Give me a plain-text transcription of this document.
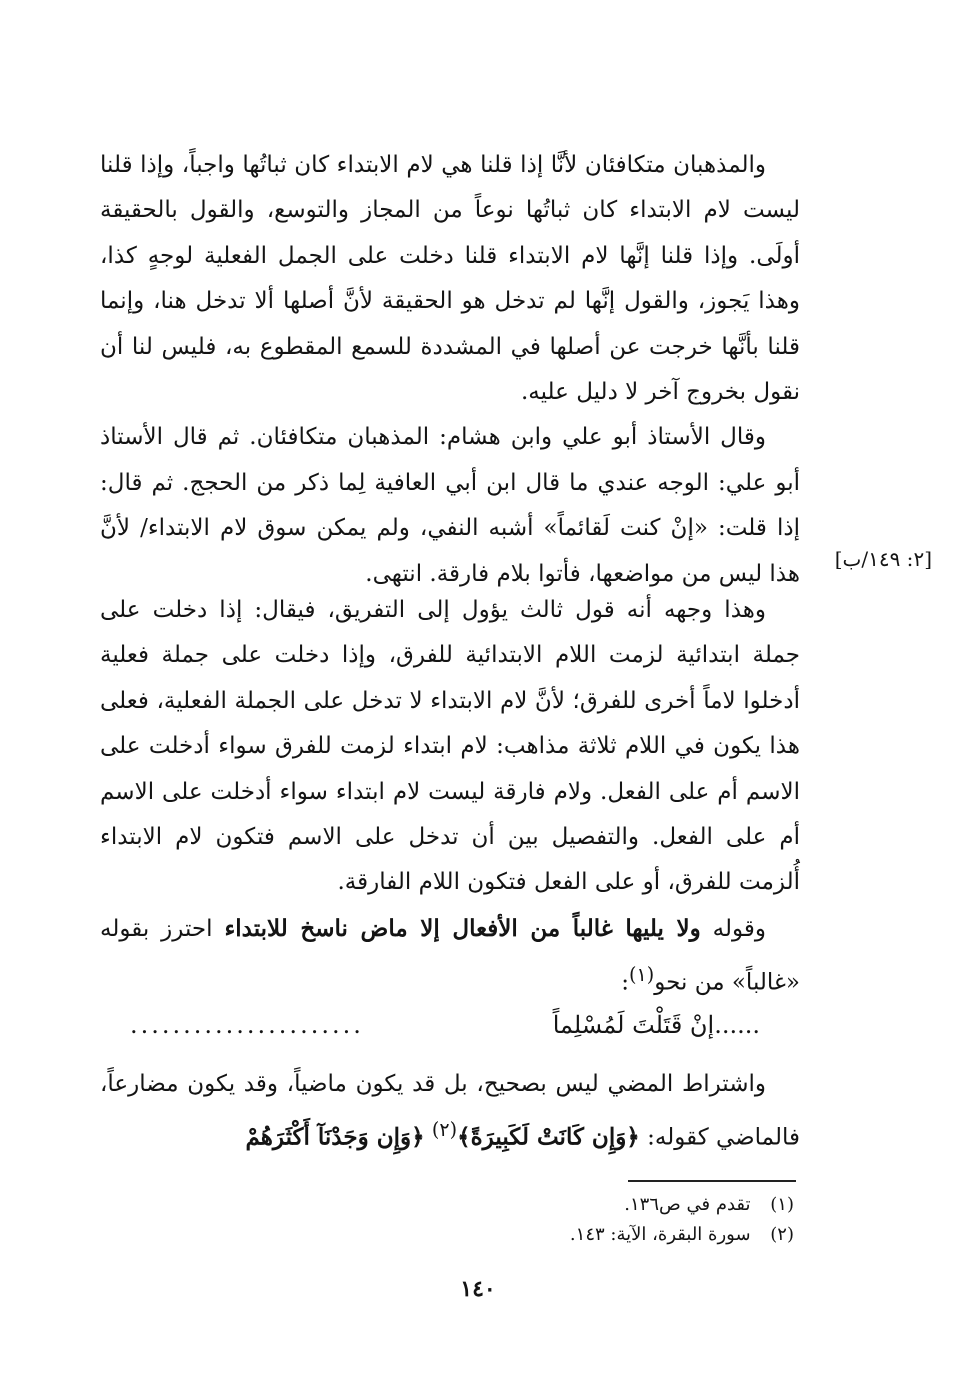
والمذهبان متكافئان لأنَّا إذا قلنا هي لام الابتداء كان ثباتُها واجباً، وإذا قلنا ليست لام الابتداء كان ثباتُها نوعاً من المجاز والتوسع، والقول بالحقيقة أولَى. وإذا قلنا إنَّها لام الابتداء قلنا دخلت على الجمل الفعلية لوجهٍ كذا، وهذا يَجوز، والقول إنَّها لم تدخل هو الحقيقة لأنَّ أصلها ألا تدخل هنا، وإنما قلنا بأنَّها خرجت عن أصلها في المشددة للسمع المقطوع به، فليس لنا أن نقول بخروج آخر لا دليل عليه.

وقال الأستاذ أبو علي وابن هشام: المذهبان متكافئان. ثم قال الأستاذ أبو علي: الوجه عندي ما قال ابن أبي العافية لِما ذكر من الحجج. ثم قال: إذا قلت: «إنْ كنت لَقائماً» أشبه النفي، ولم يمكن سوق لام الابتداء/ لأنَّ هذا ليس من مواضعها، فأتوا بلام فارقة. انتهى.

[٢: ١٤٩/ب]

وهذا وجهه أنه قول ثالث يؤول إلى التفريق، فيقال: إذا دخلت على جملة ابتدائية لزمت اللام الابتدائية للفرق، وإذا دخلت على جملة فعلية أدخلوا لاماً أخرى للفرق؛ لأنَّ لام الابتداء لا تدخل على الجملة الفعلية، فعلى هذا يكون في اللام ثلاثة مذاهب: لام ابتداء لزمت للفرق سواء أدخلت على الاسم أم على الفعل. ولام فارقة ليست لام ابتداء سواء أدخلت على الاسم أم على الفعل. والتفصيل بين أن تدخل على الاسم فتكون لام الابتداء أُلزمت للفرق، أو على الفعل فتكون اللام الفارقة.

وقوله ولا يليها غالباً من الأفعال إلا ماض ناسخ للابتداء احترز بقوله «غالباً» من نحو$^{(١)}$:

......إنْ قَتَلْتَ لَمُسْلِماً
......................

واشتراط المضي ليس بصحيح، بل قد يكون ماضياً، وقد يكون مضارعاً، فالماضي كقوله: ﴿وَإِن كَانَتْ لَكَبِيرَةً﴾$^{(٢)}$ ﴿وَإِن وَجَدْنَآ أَكْثَرَهُمْ

(١) تقدم في ص١٣٦.

(٢) سورة البقرة، الآية: ١٤٣.

١٤٠
